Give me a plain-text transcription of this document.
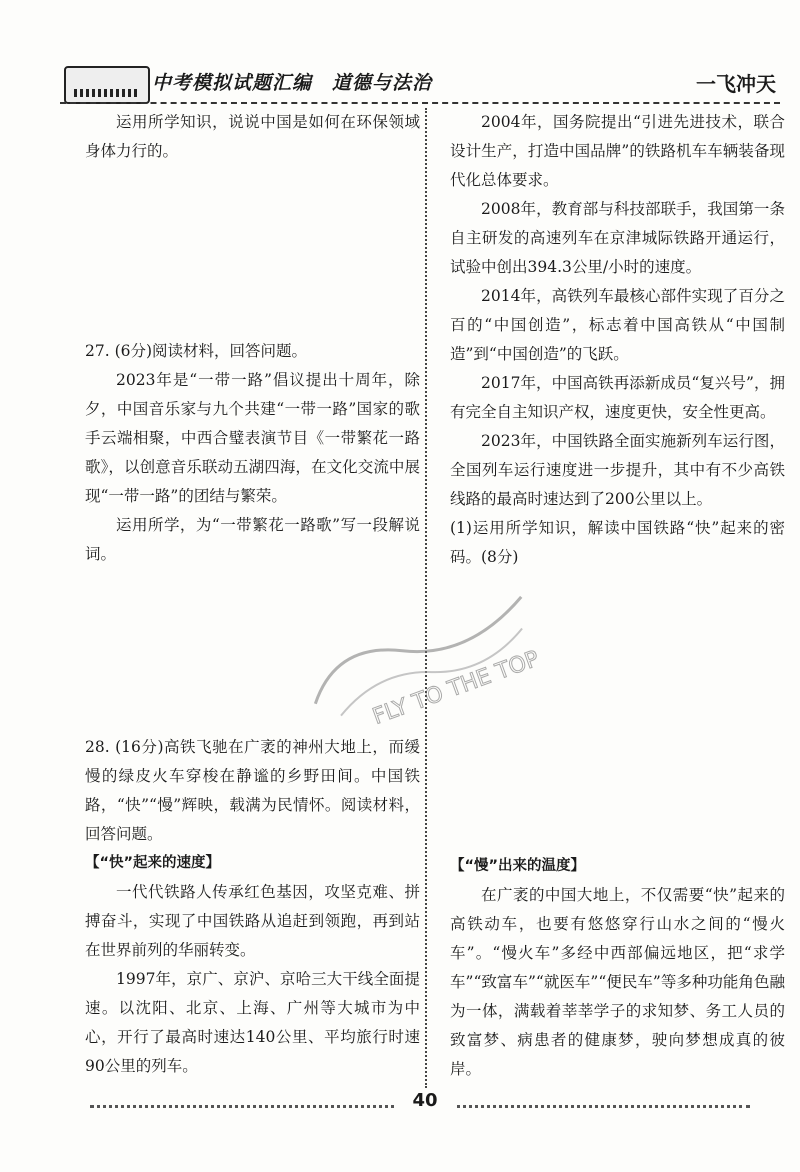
中考模拟试题汇编　道德与法治	一飞冲天

运用所学知识，说说中国是如何在环保领域身体力行的。

27. (6分)阅读材料，回答问题。

2023年是“一带一路”倡议提出十周年，除夕，中国音乐家与九个共建“一带一路”国家的歌手云端相聚，中西合璧表演节目《一带繁花一路歌》，以创意音乐联动五湖四海，在文化交流中展现“一带一路”的团结与繁荣。

运用所学，为“一带繁花一路歌”写一段解说词。

28. (16分)高铁飞驰在广袤的神州大地上，而缓慢的绿皮火车穿梭在静谧的乡野田间。中国铁路，“快”“慢”辉映，载满为民情怀。阅读材料，回答问题。

【“快”起来的速度】

一代代铁路人传承红色基因，攻坚克难、拼搏奋斗，实现了中国铁路从追赶到领跑，再到站在世界前列的华丽转变。

1997年，京广、京沪、京哈三大干线全面提速。以沈阳、北京、上海、广州等大城市为中心，开行了最高时速达140公里、平均旅行时速90公里的列车。

2004年，国务院提出“引进先进技术，联合设计生产，打造中国品牌”的铁路机车车辆装备现代化总体要求。

2008年，教育部与科技部联手，我国第一条自主研发的高速列车在京津城际铁路开通运行，试验中创出394.3公里/小时的速度。

2014年，高铁列车最核心部件实现了百分之百的“中国创造”，标志着中国高铁从“中国制造”到“中国创造”的飞跃。

2017年，中国高铁再添新成员“复兴号”，拥有完全自主知识产权，速度更快，安全性更高。

2023年，中国铁路全面实施新列车运行图，全国列车运行速度进一步提升，其中有不少高铁线路的最高时速达到了200公里以上。

(1)运用所学知识，解读中国铁路“快”起来的密码。(8分)

【“慢”出来的温度】

在广袤的中国大地上，不仅需要“快”起来的高铁动车，也要有悠悠穿行山水之间的“慢火车”。“慢火车”多经中西部偏远地区，把“求学车”“致富车”“就医车”“便民车”等多种功能角色融为一体，满载着莘莘学子的求知梦、务工人员的致富梦、病患者的健康梦，驶向梦想成真的彼岸。

FLY TO THE TOP
40
